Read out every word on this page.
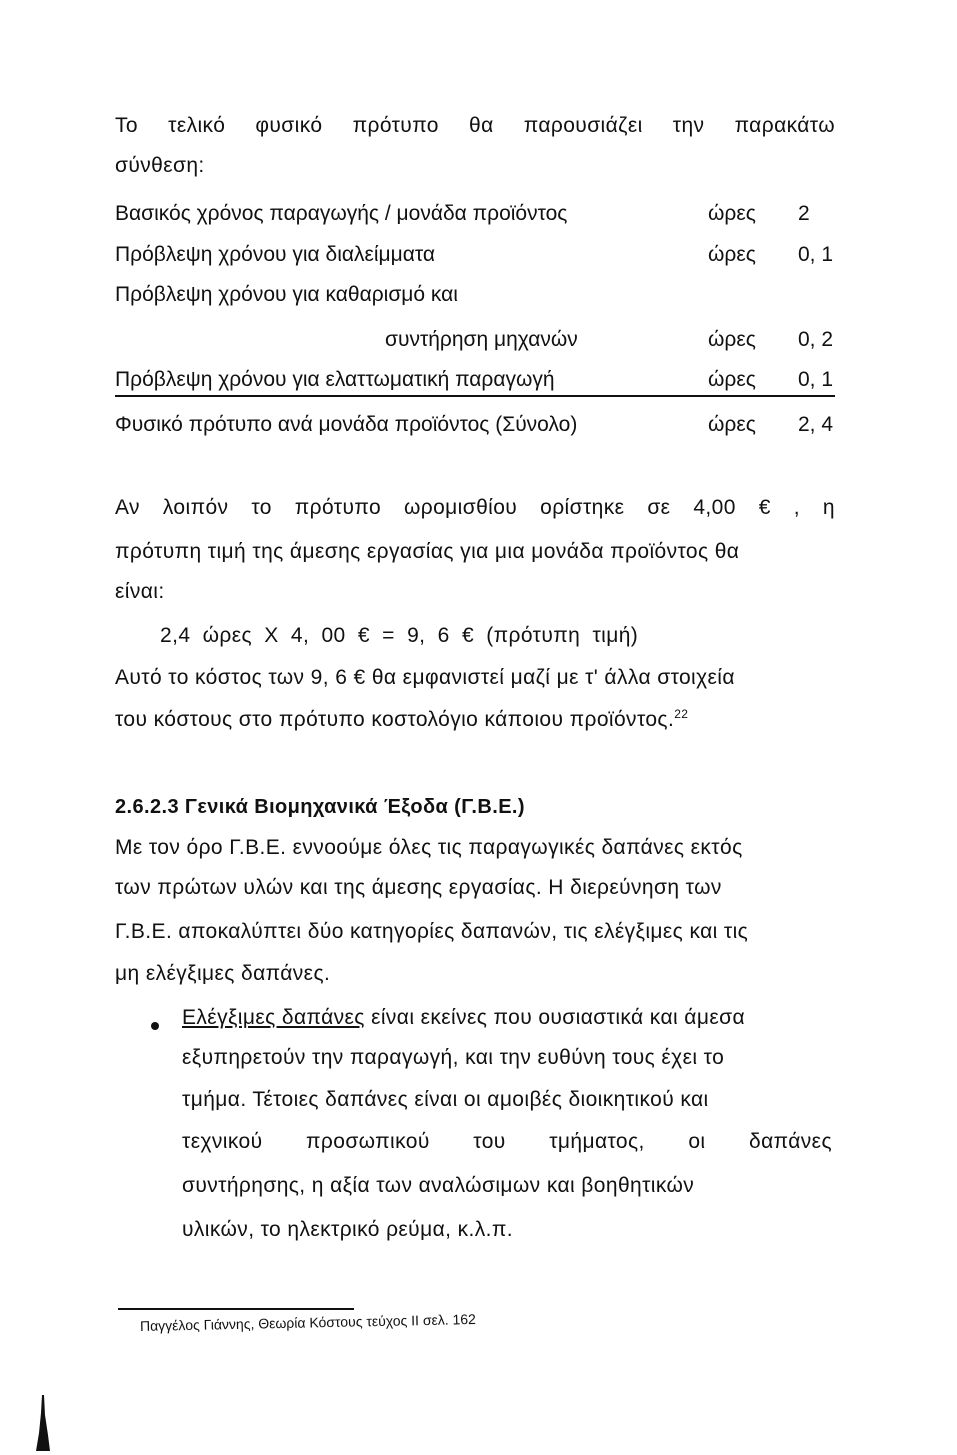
Το τελικό φυσικό πρότυπο θα παρουσιάζει την παρακάτω
σύνθεση:
Βασικός χρόνος παραγωγής / μονάδα προϊόντος	ώρες 2
Πρόβλεψη χρόνου για διαλείμματα	ώρες 0, 1
Πρόβλεψη χρόνου για καθαρισμό και
συντήρηση μηχανών	ώρες 0, 2
Πρόβλεψη χρόνου για ελαττωματική παραγωγή	ώρες 0, 1
Φυσικό πρότυπο ανά μονάδα προϊόντος (Σύνολο)	ώρες 2, 4
Αν λοιπόν το πρότυπο ωρομισθίου ορίστηκε σε 4,00 € , η
πρότυπη τιμή της άμεσης εργασίας για μια μονάδα προϊόντος θα
είναι:
2,4 ώρες Χ 4, 00 € = 9, 6 € (πρότυπη τιμή)
Αυτό το κόστος των 9, 6 € θα εμφανιστεί μαζί με τ' άλλα στοιχεία
του κόστους στο πρότυπο κοστολόγιο κάποιου προϊόντος.$^{22}$
2.6.2.3 Γενικά Βιομηχανικά Έξοδα (Γ.Β.Ε.)
Με τον όρο Γ.Β.Ε. εννοούμε όλες τις παραγωγικές δαπάνες εκτός
των πρώτων υλών και της άμεσης εργασίας. Η διερεύνηση των
Γ.Β.Ε. αποκαλύπτει δύο κατηγορίες δαπανών, τις ελέγξιμες και τις
μη ελέγξιμες δαπάνες.
Ελέγξιμες δαπάνες είναι εκείνες που ουσιαστικά και άμεσα
εξυπηρετούν την παραγωγή, και την ευθύνη τους έχει το
τμήμα. Τέτοιες δαπάνες είναι οι αμοιβές διοικητικού και
τεχνικού προσωπικού του τμήματος, οι δαπάνες
συντήρησης, η αξία των αναλώσιμων και βοηθητικών
υλικών, το ηλεκτρικό ρεύμα, κ.λ.π.
Παγγέλος Γιάννης, Θεωρία Κόστους τεύχος ΙΙ σελ. 162
